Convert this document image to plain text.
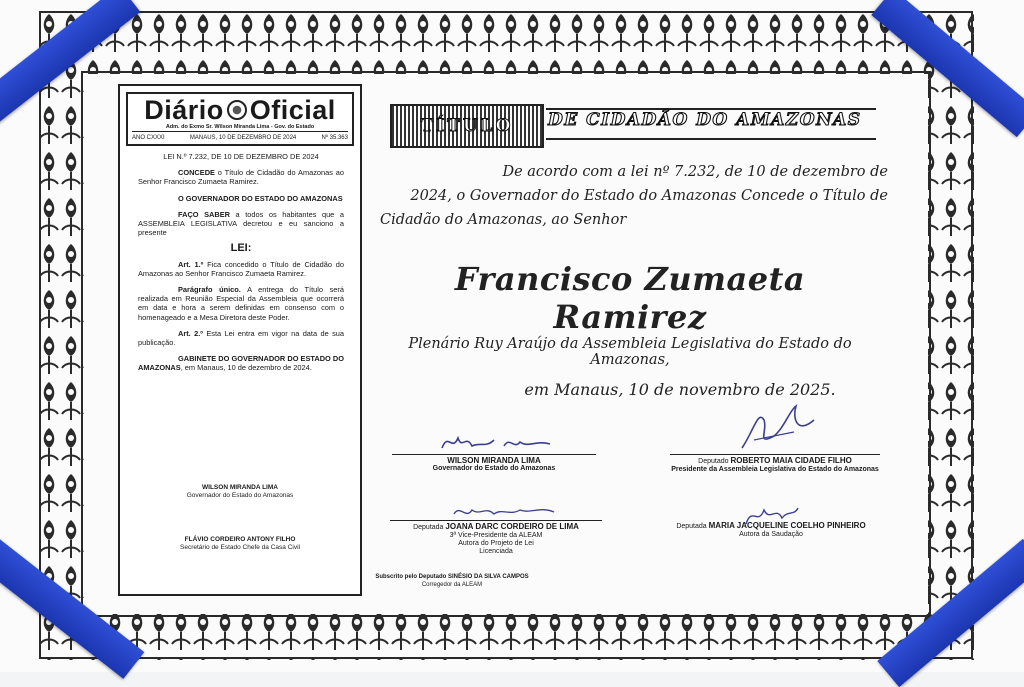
Diário Oficial
Adm. do Exmo Sr. Wilson Miranda Lima - Gov. do Estado
ANO CXXXI	MANAUS, 10 DE DEZEMBRO DE 2024	Nº 35.363

LEI N.º 7.232, DE 10 DE DEZEMBRO DE 2024

CONCEDE o Título de Cidadão do Amazonas ao Senhor Francisco Zumaeta Ramirez.

O GOVERNADOR DO ESTADO DO AMAZONAS

FAÇO SABER a todos os habitantes que a ASSEMBLEIA LEGISLATIVA decretou e eu sanciono a presente

LEI:

Art. 1.º Fica concedido o Título de Cidadão do Amazonas ao Senhor Francisco Zumaeta Ramirez.

Parágrafo único. A entrega do Título será realizada em Reunião Especial da Assembleia que ocorrerá em data e hora a serem definidas em consenso com o homenageado e a Mesa Diretora deste Poder.

Art. 2.º Esta Lei entra em vigor na data de sua publicação.

GABINETE DO GOVERNADOR DO ESTADO DO AMAZONAS, em Manaus, 10 de dezembro de 2024.

WILSON MIRANDA LIMA
Governador do Estado do Amazonas
FLÁVIO CORDEIRO ANTONY FILHO
Secretário de Estado Chefe da Casa Civil
TÍTULO DE CIDADÃO DO AMAZONAS
De acordo com a lei nº 7.232, de 10 de dezembro de
2024, o Governador do Estado do Amazonas Concede o Título de

Cidadão do Amazonas, ao Senhor
Francisco Zumaeta Ramirez
Plenário Ruy Araújo da Assembleia Legislativa do Estado do Amazonas,
em Manaus, 10 de novembro de 2025.
WILSON MIRANDA LIMA
Governador do Estado do Amazonas
Deputado ROBERTO MAIA CIDADE FILHO
Presidente da Assembleia Legislativa do Estado do Amazonas
Deputada JOANA DARC CORDEIRO DE LIMA
3ª Vice-Presidente da ALEAM
Autora do Projeto de Lei
Licenciada
Deputada MARIA JACQUELINE COELHO PINHEIRO
Autora da Saudação
Subscrito pelo Deputado SINÉSIO DA SILVA CAMPOS
Corregedor da ALEAM
